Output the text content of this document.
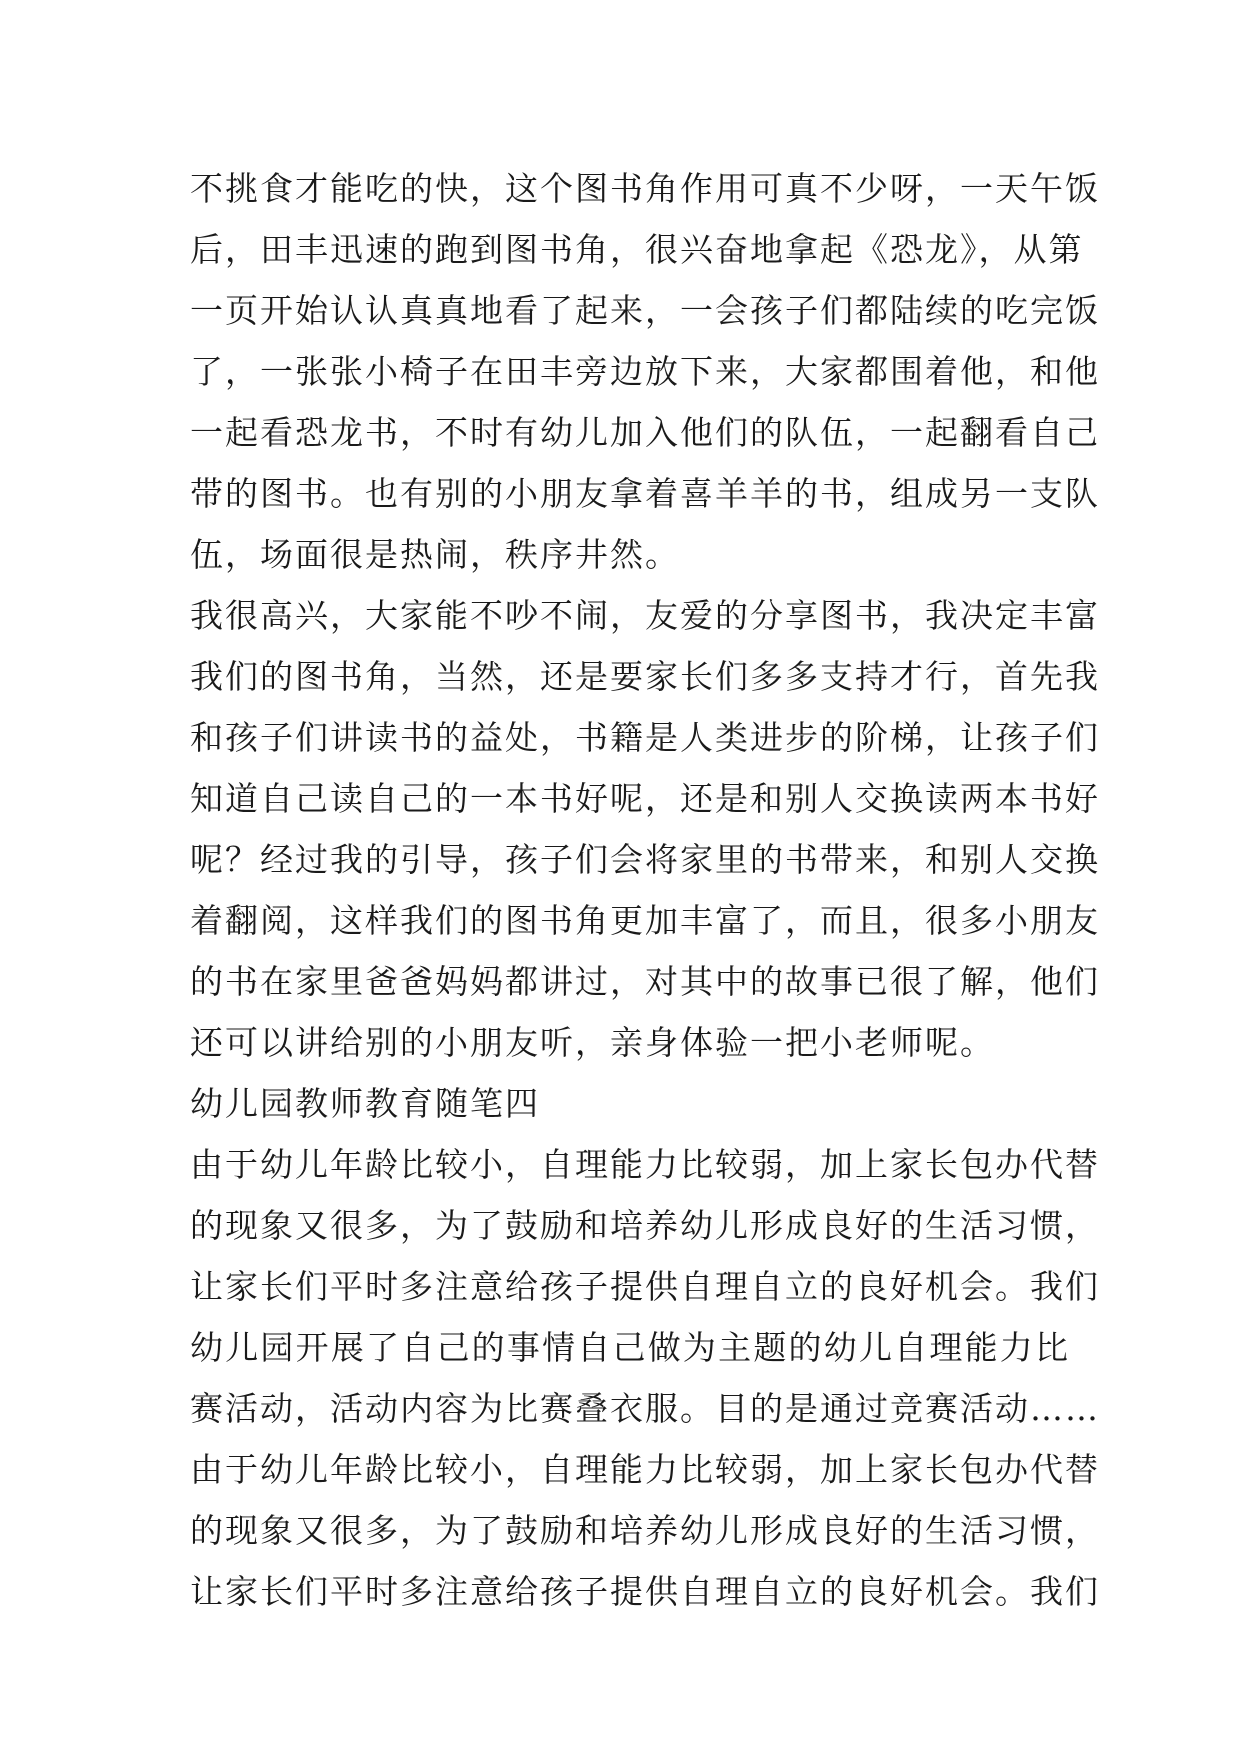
不挑食才能吃的快，这个图书角作用可真不少呀，一天午饭
后，田丰迅速的跑到图书角，很兴奋地拿起《恐龙》，从第
一页开始认认真真地看了起来，一会孩子们都陆续的吃完饭
了，一张张小椅子在田丰旁边放下来，大家都围着他，和他
一起看恐龙书，不时有幼儿加入他们的队伍，一起翻看自己
带的图书。也有别的小朋友拿着喜羊羊的书，组成另一支队
伍，场面很是热闹，秩序井然。
我很高兴，大家能不吵不闹，友爱的分享图书，我决定丰富
我们的图书角，当然，还是要家长们多多支持才行，首先我
和孩子们讲读书的益处，书籍是人类进步的阶梯，让孩子们
知道自己读自己的一本书好呢，还是和别人交换读两本书好
呢？经过我的引导，孩子们会将家里的书带来，和别人交换
着翻阅，这样我们的图书角更加丰富了，而且，很多小朋友
的书在家里爸爸妈妈都讲过，对其中的故事已很了解，他们
还可以讲给别的小朋友听，亲身体验一把小老师呢。
幼儿园教师教育随笔四
由于幼儿年龄比较小，自理能力比较弱，加上家长包办代替
的现象又很多，为了鼓励和培养幼儿形成良好的生活习惯，
让家长们平时多注意给孩子提供自理自立的良好机会。我们
幼儿园开展了自己的事情自己做为主题的幼儿自理能力比
赛活动，活动内容为比赛叠衣服。目的是通过竞赛活动……
由于幼儿年龄比较小，自理能力比较弱，加上家长包办代替
的现象又很多，为了鼓励和培养幼儿形成良好的生活习惯，
让家长们平时多注意给孩子提供自理自立的良好机会。我们
